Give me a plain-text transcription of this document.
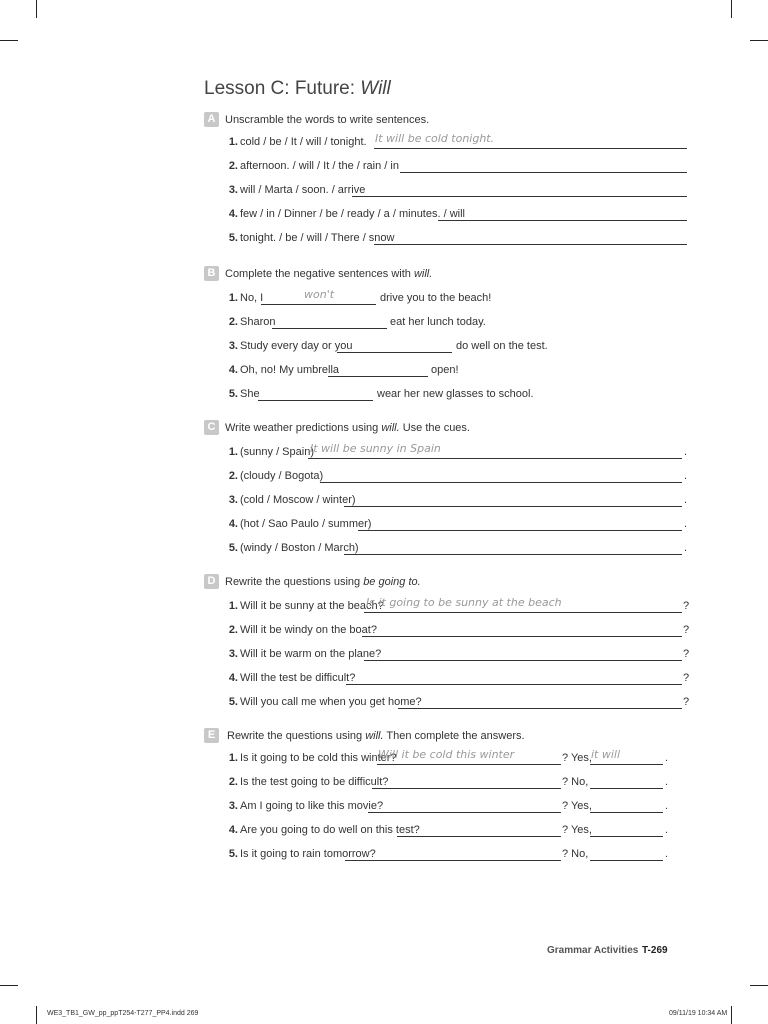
Lesson C: Future: Will
A Unscramble the words to write sentences.
1. cold / be / It / will / tonight. It will be cold tonight.
2. afternoon. / will / It / the / rain / in
3. will / Marta / soon. / arrive
4. few / in / Dinner / be / ready / a / minutes. / will
5. tonight. / be / will / There / snow
B Complete the negative sentences with will.
1. No, I	won't	drive you to the beach!
2. Sharon	eat her lunch today.
3. Study every day or you	do well on the test.
4. Oh, no! My umbrella	open!
5. She	wear her new glasses to school.
C Write weather predictions using will. Use the cues.
1. (sunny / Spain)
It will be sunny in Spain	.
2. (cloudy / Bogota)	.
3. (cold / Moscow / winter)	.
4. (hot / Sao Paulo / summer)	.
5. (windy / Boston / March)	.
D Rewrite the questions using be going to.
1. Will it be sunny at the beach?
Is it going to be sunny at the beach	?
2. Will it be windy on the boat?	?
3. Will it be warm on the plane?	?
4. Will the test be difficult?	?
5. Will you call me when you get home?	?
E	Rewrite the questions using will. Then complete the answers.
1. Is it going to be cold this winter?
Will it be cold this winter	? Yes, it will	.
2. Is the test going to be difficult?	? No,	.
3. Am I going to like this movie?	? Yes,	.
4. Are you going to do well on this test?	? Yes,	.
5. Is it going to rain tomorrow?	? No,	.
Grammar Activities T-269
WE3_TB1_GW_pp_ppT254-T277_PP4.indd 269	09/11/19 10:34 AM
